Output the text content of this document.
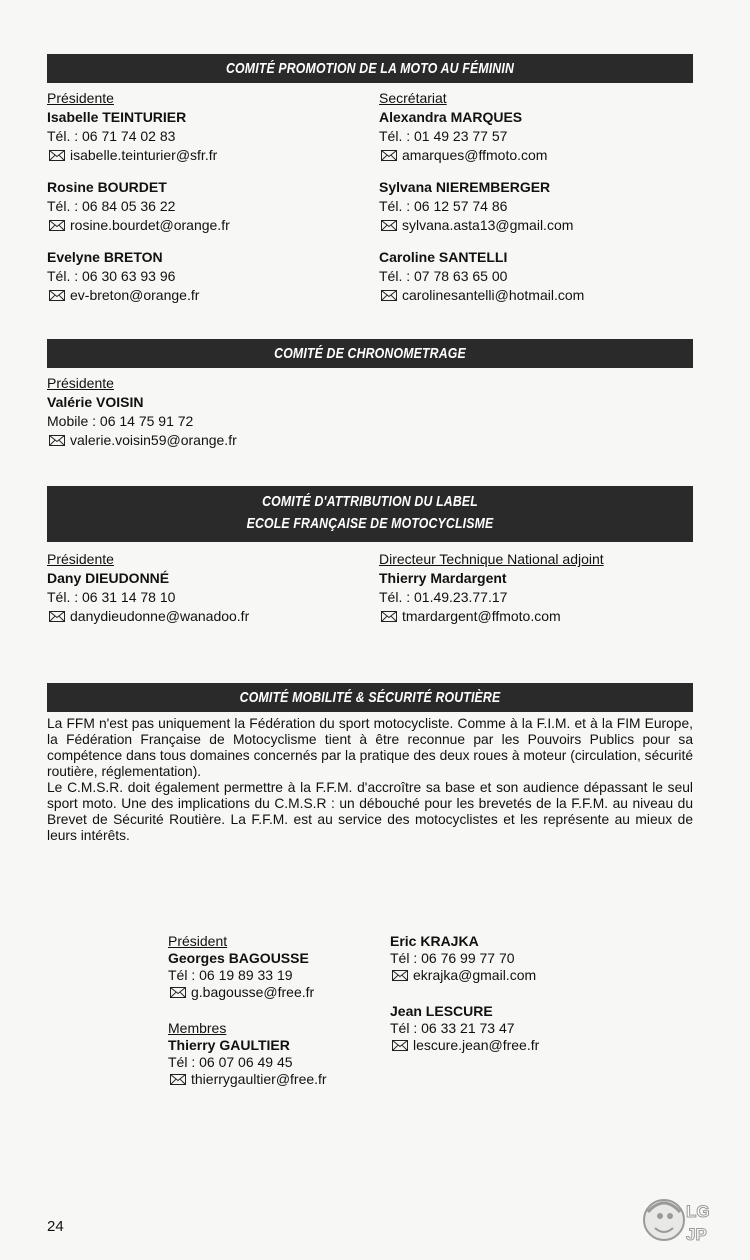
COMITÉ PROMOTION DE LA MOTO AU FÉMININ
Présidente
Isabelle TEINTURIER
Tél. : 06 71 74 02 83
isabelle.teinturier@sfr.fr
Rosine BOURDET
Tél. : 06 84 05 36 22
rosine.bourdet@orange.fr
Evelyne BRETON
Tél. : 06 30 63 93 96
ev-breton@orange.fr
Secrétariat
Alexandra MARQUES
Tél. : 01 49 23 77 57
amarques@ffmoto.com
Sylvana NIEREMBERGER
Tél. : 06 12 57 74 86
sylvana.asta13@gmail.com
Caroline SANTELLI
Tél. : 07 78 63 65 00
carolinesantelli@hotmail.com
COMITÉ DE CHRONOMETRAGE
Présidente
Valérie VOISIN
Mobile : 06 14 75 91 72
valerie.voisin59@orange.fr
COMITÉ D'ATTRIBUTION DU LABEL
ECOLE FRANÇAISE DE MOTOCYCLISME
Présidente
Dany DIEUDONNÉ
Tél. : 06 31 14 78 10
danydieudonne@wanadoo.fr
Directeur Technique National adjoint
Thierry Mardargent
Tél. : 01.49.23.77.17
tmardargent@ffmoto.com
COMITÉ MOBILITÉ & SÉCURITÉ ROUTIÈRE

La FFM n'est pas uniquement la Fédération du sport motocycliste. Comme à la F.I.M. et à la FIM Europe, la Fédération Française de Motocyclisme tient à être reconnue par les Pouvoirs Publics pour sa compétence dans tous domaines concernés par la pratique des deux roues à moteur (circulation, sécurité routière, réglementation).

Le C.M.S.R. doit également permettre à la F.F.M. d'accroître sa base et son audience dépassant le seul sport moto. Une des implications du C.M.S.R : un débouché pour les brevetés de la F.F.M. au niveau du Brevet de Sécurité Routière. La F.F.M. est au service des motocyclistes et les représente au mieux de leurs intérêts.

Président
Georges BAGOUSSE
Tél : 06 19 89 33 19
g.bagousse@free.fr
Membres
Thierry GAULTIER
Tél : 06 07 06 49 45
thierrygaultier@free.fr
Eric KRAJKA
Tél : 06 76 99 77 70
ekrajka@gmail.com
Jean LESCURE
Tél : 06 33 21 73 47
lescure.jean@free.fr
24
LG
JP
